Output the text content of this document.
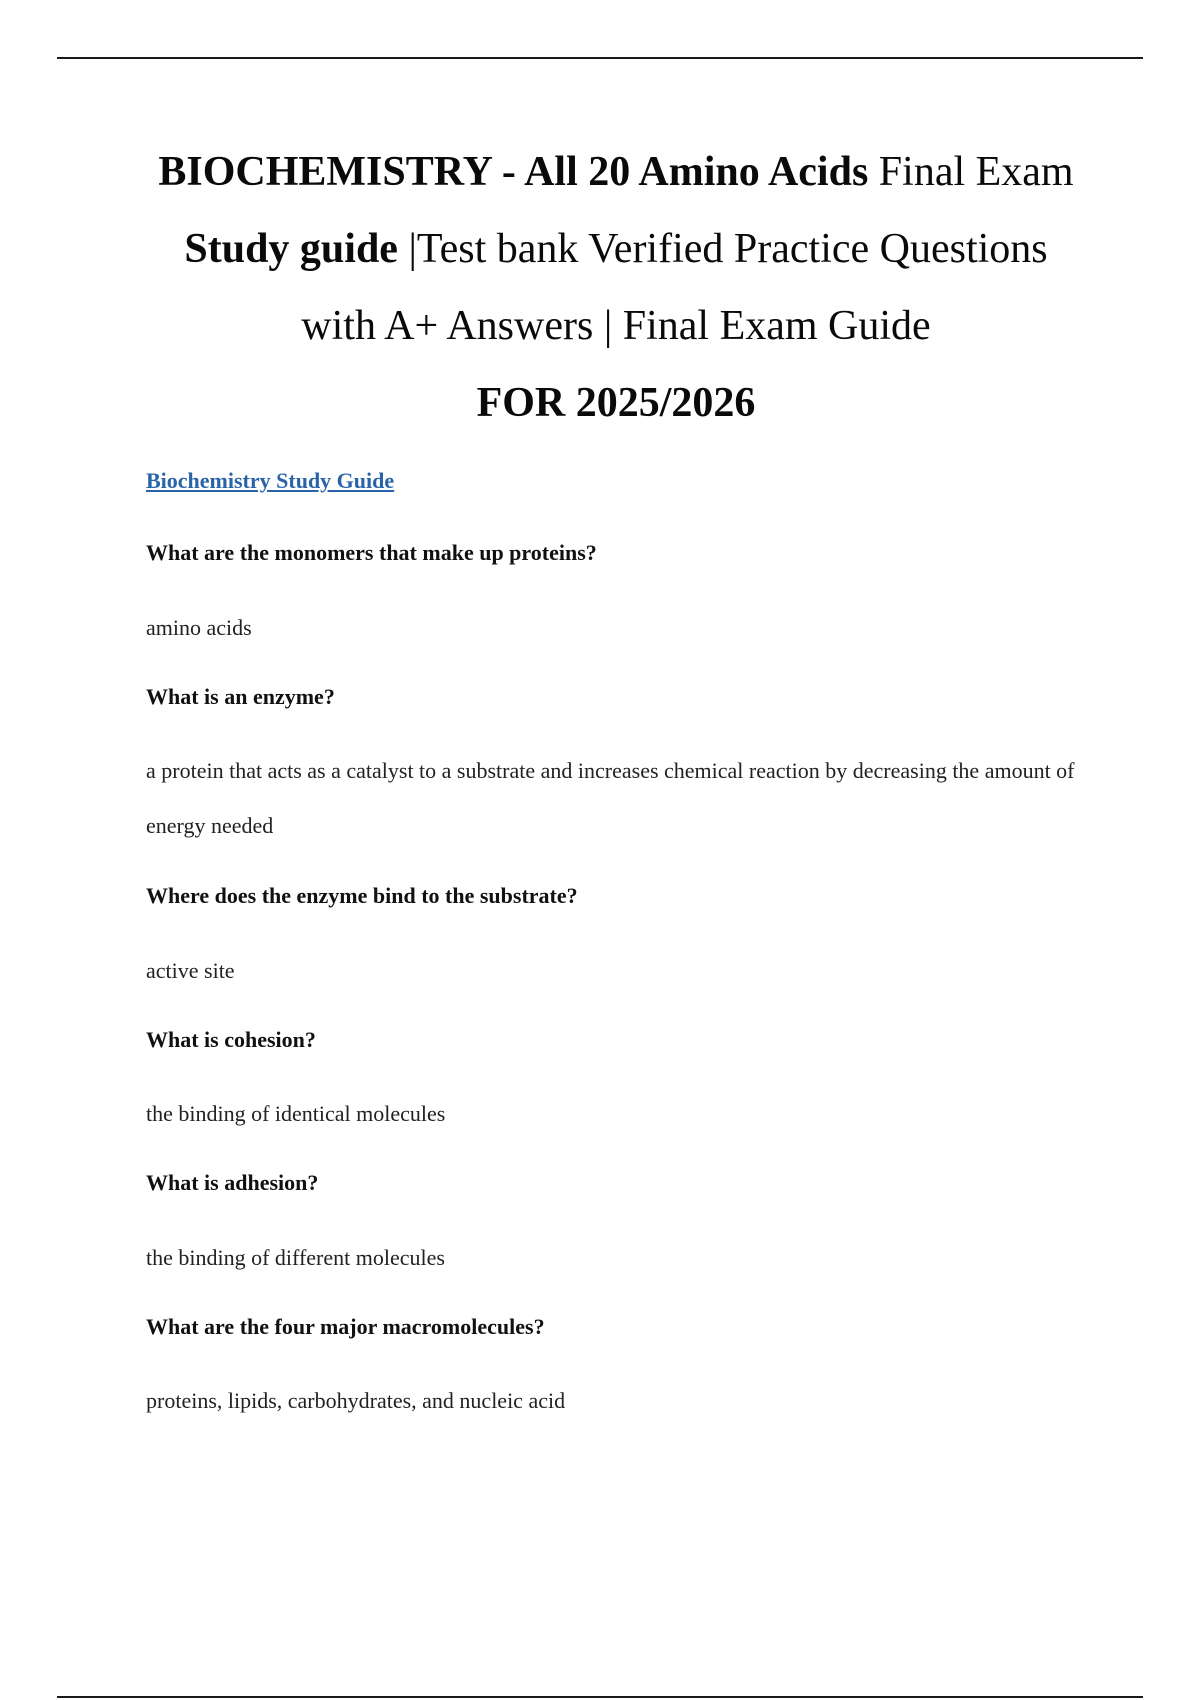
BIOCHEMISTRY - All 20 Amino Acids Final Exam Study guide |Test bank Verified Practice Questions with A+ Answers | Final Exam Guide
FOR 2025/2026
Biochemistry Study Guide
What are the monomers that make up proteins?
amino acids
What is an enzyme?
a protein that acts as a catalyst to a substrate and increases chemical reaction by decreasing the amount of energy needed
Where does the enzyme bind to the substrate?
active site
What is cohesion?
the binding of identical molecules
What is adhesion?
the binding of different molecules
What are the four major macromolecules?
proteins, lipids, carbohydrates, and nucleic acid
